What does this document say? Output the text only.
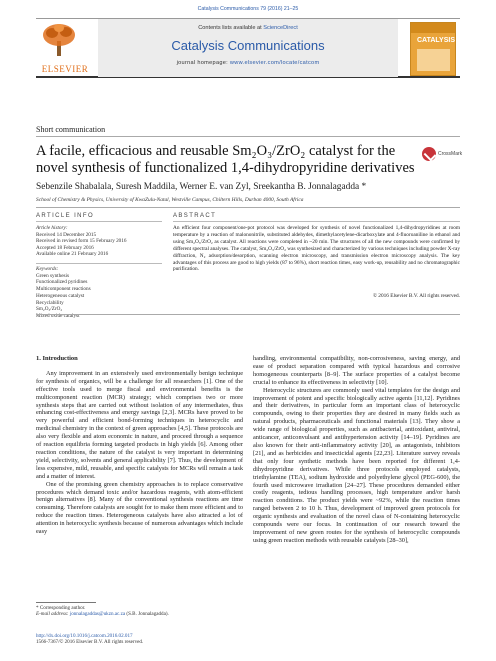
Catalysis Communications 79 (2016) 21–25
ELSEVIER
Contents lists available at ScienceDirect
Catalysis Communications
journal homepage: www.elsevier.com/locate/catcom
CATALYSIS
Short communication
A facile, efficacious and reusable Sm₂O₃/ZrO₂ catalyst for the novel synthesis of functionalized 1,4-dihydropyridine derivatives
CrossMark
Sebenzile Shabalala, Suresh Maddila, Werner E. van Zyl, Sreekantha B. Jonnalagadda *
School of Chemistry & Physics, University of KwaZulu-Natal, Westville Campus, Chiltern Hills, Durban 4000, South Africa
ARTICLE INFO	ABSTRACT
Article history:
Received 14 December 2015
Received in revised form 15 February 2016
Accepted 18 February 2016
Available online 21 February 2016
Keywords:
Green synthesis
Functionalized pyridines
Multicomponent reactions
Heterogeneous catalyst
Recyclability
Sm₂O₃/ZrO₂
Mixed oxide catalyst

An efficient four component/one-pot protocol was developed for synthesis of novel functionalized 1,4-dihydropyridines at room temperature by a reaction of malononitrile, substituted aldehydes, dimethylacetylene-dicarboxylate and 4-fluoroaniline in ethanol and using Sm₂O₃/ZrO₂ as catalyst. All reactions were completed in ~20 min. The structures of all the new compounds were confirmed by different spectral analyses. The catalyst, Sm₂O₃/ZrO₂ was synthesized and characterized by various techniques including powder X-ray diffraction, N₂ adsorption/desorption, scanning electron microscopy, and transmission electron microscopy analysis. The key advantages of this process are good to high yields (87 to 96%), short reaction times, easy work-up, reusability and no chromatographic purification.

© 2016 Elsevier B.V. All rights reserved.
1. Introduction

Any improvement in an extensively used environmentally benign technique for synthesis of organics, will be a challenge for all researchers [1]. One of the effective tools used to merge fiscal and environmental benefits is the multicomponent reaction (MCR) strategy; which comprises two or more synthesis steps that are carried out without isolation of any intermediates, thus enhancing cost-effectiveness and energy savings [2,3]. MCRs have proved to be very powerful and efficient bond-forming techniques in heterocyclic and medicinal chemistry in the context of green approaches [4,5]. These protocols are also very flexible and atom economic in nature, and proceed through a sequence of reaction equilibria forming targeted products in high yields [6]. Among other reaction conditions, the nature of the catalyst is very important in determining yield, selectivity, solvents and general applicability [7]. Thus, the development of less expensive, mild, reusable, and specific catalysts for MCRs will remain a task and a matter of interest.

One of the promising green chemistry approaches is to replace conservative procedures which demand toxic and/or hazardous reagents, with atom-efficient benign alternatives [8]. Many of the conventional synthesis reactions are time consuming. Therefore catalysts are sought for to make them more efficient and to reduce the reaction times. Heterogeneous catalysts have also attracted a lot of attention in heterocyclic synthesis because of numerous advantages which include easy

handling, environmental compatibility, non-corrosiveness, saving energy, and ease of product separation compared with typical hazardous and corrosive homogeneous counterparts [8–9]. The surface properties of a catalyst become crucial to enhance its effectiveness in selectivity [10].

Heterocyclic structures are commonly used vital templates for the design and improvement of potent and specific biologically active agents [11,12]. Pyridines and their derivatives, in particular form an important class of heterocyclic compounds, owing to their properties they are desired in many fields such as natural products, pharmaceuticals and functional materials [13]. They show a wide range of biological properties, such as antibacterial, antioxidant, antiviral, anticancer, anticonvulsant and antihypertension activity [14–19]. Pyridines are also known for their anti-inflammatory activity [20], as antagonists, inhibitors [21], and as herbicides and insecticidal agents [22,23]. Literature survey reveals that only four synthetic methods have been reported for different 1,4-dihydropyridine derivatives. While three protocols employed catalysts, triethylamine (TEA), sodium hydroxide and polyethylene glycol (PEG-600), the fourth used microwave irradiation [24–27]. These procedures demanded either costly reagents, tedious handling processes, high temperature and/or harsh reaction conditions. The product yields were ~92%, while the reaction times ranged between 2 to 10 h. Thus, development of improved green protocols for organic synthesis and evaluation of the novel class of N-containing heterocyclic compounds were our focus. In continuation of our research toward the improvement of new green routes for the synthesis of heterocyclic compounds using green reaction methods with reusable catalysts [28–30],

* Corresponding author.
E-mail address: jonnalagaddas@ukzn.ac.za (S.B. Jonnalagadda).
http://dx.doi.org/10.1016/j.catcom.2016.02.017
1566-7367/© 2016 Elsevier B.V. All rights reserved.
